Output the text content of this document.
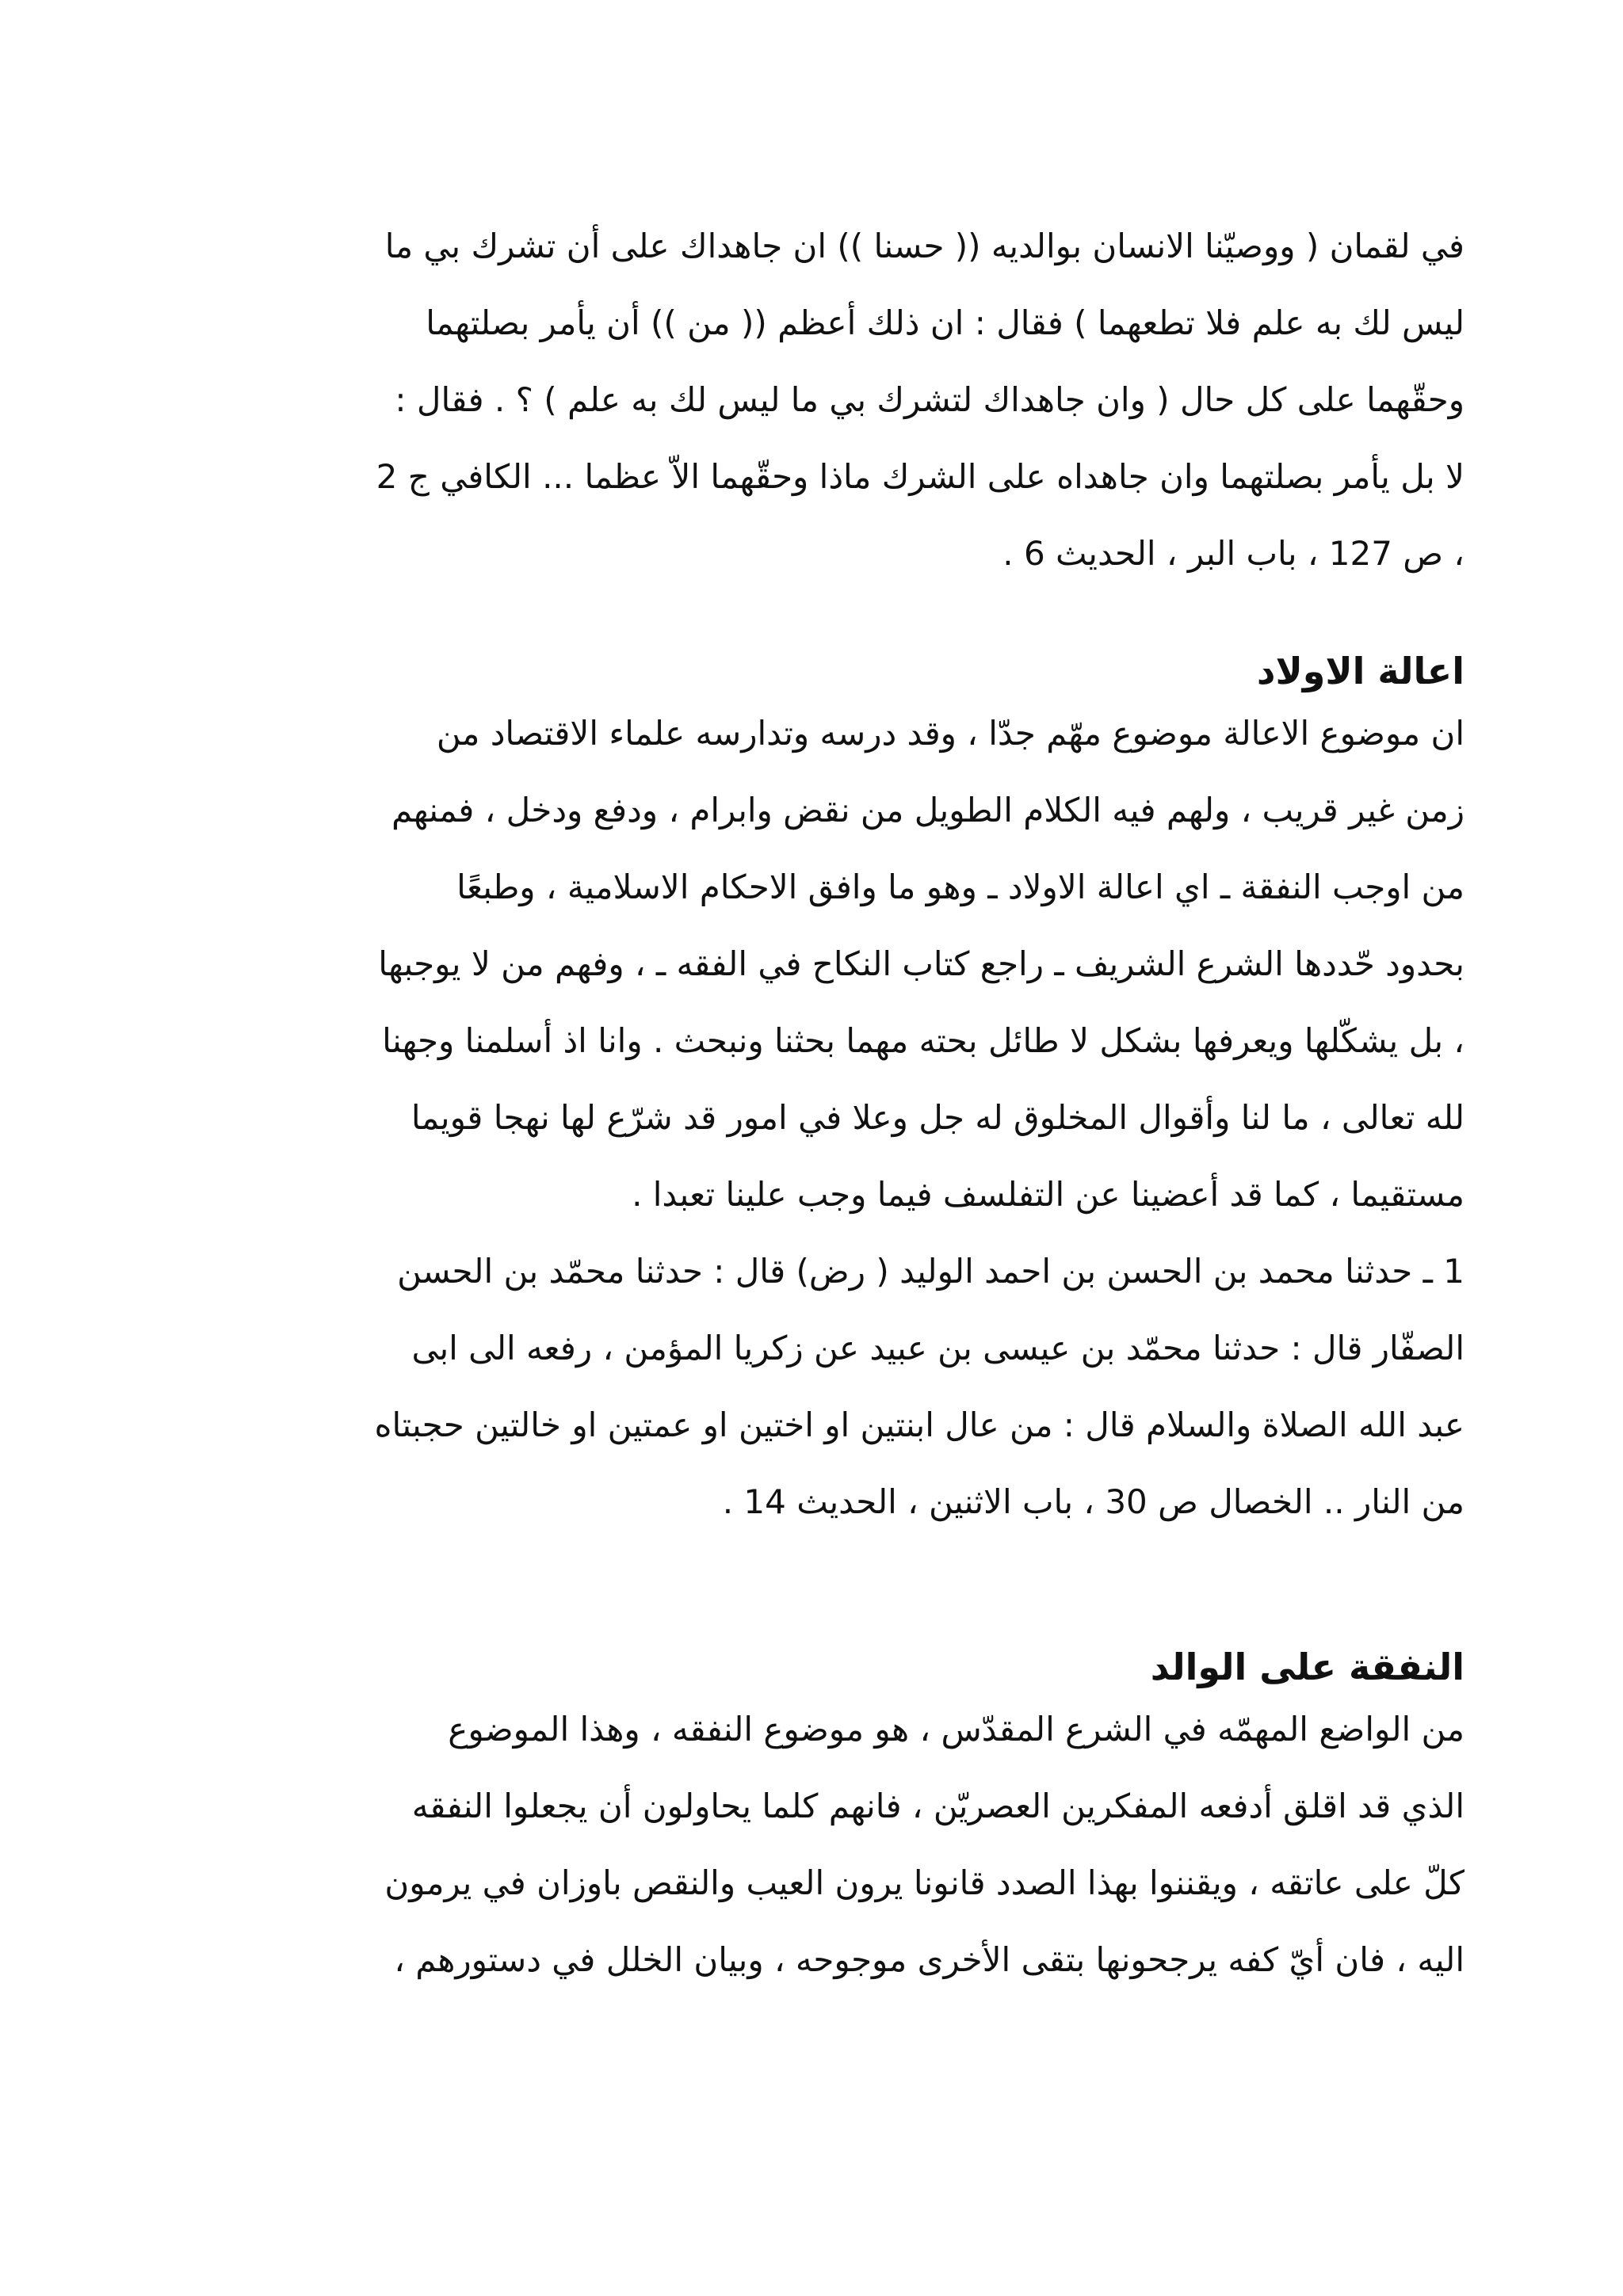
في لقمان ( ووصيّنا الانسان بوالديه (( حسنا )) ان جاهداك على أن تشرك بي ما
ليس لك به علم فلا تطعهما ) فقال : ان ذلك أعظم (( من )) أن يأمر بصلتهما
وحقّهما على كل حال ( وان جاهداك لتشرك بي ما ليس لك به علم ) ؟ . فقال :
لا بل يأمر بصلتهما وان جاهداه على الشرك ماذا وحقّهما الاّ عظما ... الكافي ج 2
، ص 127 ، باب البر ، الحديث 6 .
اعالة الاولاد
ان موضوع الاعالة موضوع مهّم جدّا ، وقد درسه وتدارسه علماء الاقتصاد من
زمن غير قريب ، ولهم فيه الكلام الطويل من نقض وابرام ، ودفع ودخل ، فمنهم
من اوجب النفقة ـ اي اعالة الاولاد ـ وهو ما وافق الاحكام الاسلامية ، وطبعًا
بحدود حّددها الشرع الشريف ـ راجع كتاب النكاح في الفقه ـ ، وفهم من لا يوجبها
، بل يشكّلها ويعرفها بشكل لا طائل بحته مهما بحثنا ونبحث . وانا اذ أسلمنا وجهنا
لله تعالى ، ما لنا وأقوال المخلوق له جل وعلا في امور قد شرّع لها نهجا قويما
مستقيما ، كما قد أعضينا عن التفلسف فيما وجب علينا تعبدا .
1 ـ حدثنا محمد بن الحسن بن احمد الوليد ( رض) قال : حدثنا محمّد بن الحسن
الصفّار قال : حدثنا محمّد بن عيسى بن عبيد عن زكريا المؤمن ، رفعه الى ابى
عبد الله الصلاة والسلام قال : من عال ابنتين او اختين او عمتين او خالتين حجبتاه
من النار .. الخصال ص 30 ، باب الاثنين ، الحديث 14 .
النفقة على الوالد
من الواضع المهمّه في الشرع المقدّس ، هو موضوع النفقه ، وهذا الموضوع
الذي قد اقلق أدفعه المفكرين العصريّن ، فانهم كلما يحاولون أن يجعلوا النفقه
كلّ على عاتقه ، ويقننوا بهذا الصدد قانونا يرون العيب والنقص باوزان في يرمون
اليه ، فان أيّ كفه يرجحونها بتقى الأخرى موجوحه ، وبيان الخلل في دستورهم ،
